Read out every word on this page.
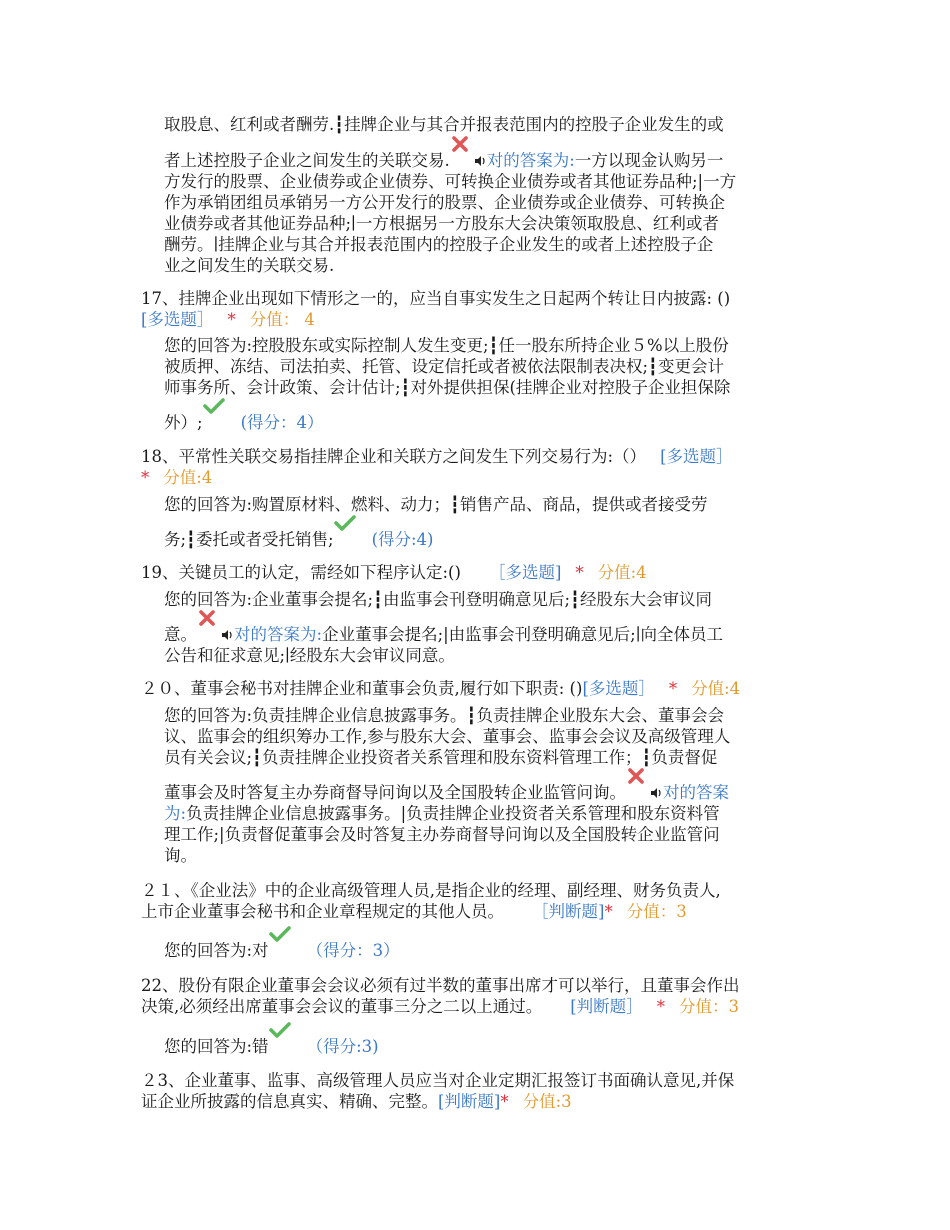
取股息、红利或者酬劳.┇挂牌企业与其合并报表范围内的控股子企业发生的或
者上述控股子企业之间发生的关联交易. 对的答案为:一方以现金认购另一
方发行的股票、企业债券或企业债券、可转换企业债券或者其他证券品种;|一方
作为承销团组员承销另一方公开发行的股票、企业债券或企业债券、可转换企
业债券或者其他证券品种;∣一方根据另一方股东大会决策领取股息、红利或者
酬劳。∣挂牌企业与其合并报表范围内的控股子企业发生的或者上述控股子企
业之间发生的关联交易.
17、挂牌企业出现如下情形之一的，应当自事实发生之日起两个转让日内披露: ()
[多选题］ * 分值： 4
您的回答为:控股股东或实际控制人发生变更;┇任一股东所持企业５%以上股份
被质押、冻结、司法拍卖、托管、设定信托或者被依法限制表决权;┇变更会计
师事务所、会计政策、会计估计;┇对外提供担保(挂牌企业对控股子企业担保除
外）; (得分：4）
18、平常性关联交易指挂牌企业和关联方之间发生下列交易行为:（） [多选题］
* 分值:4
您的回答为:购置原材料、燃料、动力；┇销售产品、商品，提供或者接受劳
务;┇委托或者受托销售; (得分:4)
19、关键员工的认定，需经如下程序认定:() ［多选题] * 分值:4
您的回答为:企业董事会提名;┇由监事会刊登明确意见后;┇经股东大会审议同
意。 对的答案为:企业董事会提名;|由监事会刊登明确意见后;∣向全体员工
公告和征求意见;∣经股东大会审议同意。
２０、董事会秘书对挂牌企业和董事会负责,履行如下职责: ()[多选题］ * 分值:4
您的回答为:负责挂牌企业信息披露事务。┇负责挂牌企业股东大会、董事会会
议、监事会的组织筹办工作,参与股东大会、董事会、监事会会议及高级管理人
员有关会议;┇负责挂牌企业投资者关系管理和股东资料管理工作；┇负责督促
董事会及时答复主办券商督导问询以及全国股转企业监管问询。 对的答案
为:负责挂牌企业信息披露事务。|负责挂牌企业投资者关系管理和股东资料管
理工作;|负责督促董事会及时答复主办券商督导问询以及全国股转企业监管问
询。
２１、《企业法》中的企业高级管理人员,是指企业的经理、副经理、财务负责人,
上市企业董事会秘书和企业章程规定的其他人员。 ［判断题]* 分值：3
您的回答为:对 （得分：3）
22、股份有限企业董事会会议必须有过半数的董事出席才可以举行，且董事会作出
决策,必须经出席董事会会议的董事三分之二以上通过。 [判断题］ * 分值：3
您的回答为:错 （得分:3)
２3、企业董事、监事、高级管理人员应当对企业定期汇报签订书面确认意见,并保
证企业所披露的信息真实、精确、完整。[判断题]* 分值:3
